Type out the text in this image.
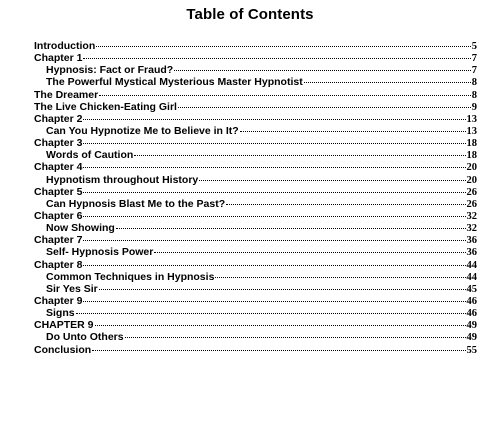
Table of Contents
Introduction	5
Chapter 1	7
Hypnosis: Fact or Fraud?	7
The Powerful Mystical Mysterious Master Hypnotist	8
The Dreamer	8
The Live Chicken-Eating Girl	9
Chapter 2	13
Can You Hypnotize Me to Believe in It?	13
Chapter 3	18
Words of Caution	18
Chapter 4	20
Hypnotism throughout History	20
Chapter 5	26
Can Hypnosis Blast Me to the Past?	26
Chapter 6	32
Now Showing	32
Chapter 7	36
Self- Hypnosis Power	36
Chapter 8	44
Common Techniques in Hypnosis	44
Sir Yes Sir	45
Chapter 9	46
Signs	46
CHAPTER 9	49
Do Unto Others	49
Conclusion	55
